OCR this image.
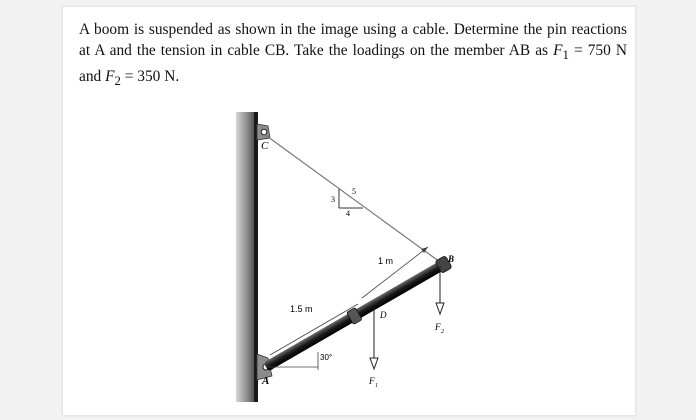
A boom is suspended as shown in the image using a cable. Determine the pin reactions at A and the tension in cable CB. Take the loadings on the member AB as $F_1 = 750$ N and $F_2 = 350$ N.
C
A
B
D
3
4
5
1 m
1.5 m
30°
F 1
F 2
